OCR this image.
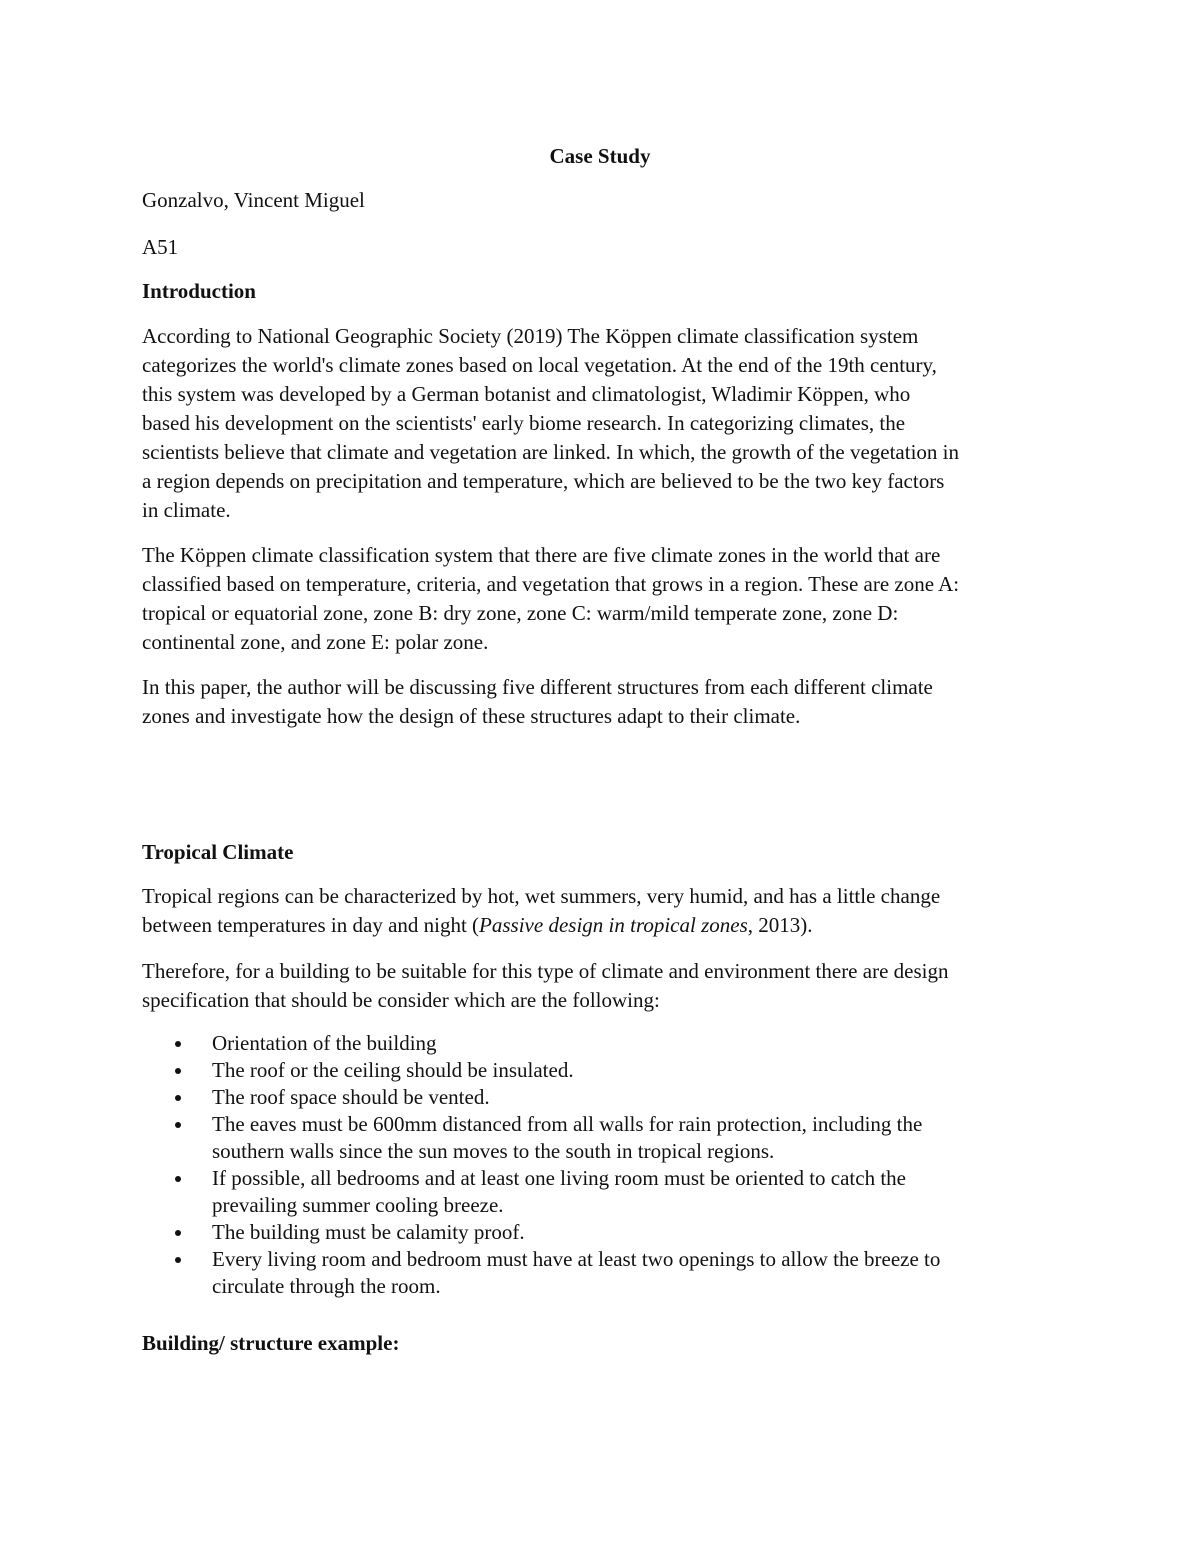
Case Study

Gonzalvo, Vincent Miguel

A51

Introduction

According to National Geographic Society (2019) The Köppen climate classification system
categorizes the world's climate zones based on local vegetation. At the end of the 19th century,
this system was developed by a German botanist and climatologist, Wladimir Köppen, who
based his development on the scientists' early biome research. In categorizing climates, the
scientists believe that climate and vegetation are linked. In which, the growth of the vegetation in
a region depends on precipitation and temperature, which are believed to be the two key factors
in climate.
The Köppen climate classification system that there are five climate zones in the world that are
classified based on temperature, criteria, and vegetation that grows in a region. These are zone A:
tropical or equatorial zone, zone B: dry zone, zone C: warm/mild temperate zone, zone D:
continental zone, and zone E: polar zone.
In this paper, the author will be discussing five different structures from each different climate
zones and investigate how the design of these structures adapt to their climate.

Tropical Climate

Tropical regions can be characterized by hot, wet summers, very humid, and has a little change
between temperatures in day and night (Passive design in tropical zones, 2013).
Therefore, for a building to be suitable for this type of climate and environment there are design
specification that should be consider which are the following:
Orientation of the building
The roof or the ceiling should be insulated.
The roof space should be vented.
The eaves must be 600mm distanced from all walls for rain protection, including the
southern walls since the sun moves to the south in tropical regions.
If possible, all bedrooms and at least one living room must be oriented to catch the
prevailing summer cooling breeze.
The building must be calamity proof.
Every living room and bedroom must have at least two openings to allow the breeze to
circulate through the room.

Building/ structure example:
